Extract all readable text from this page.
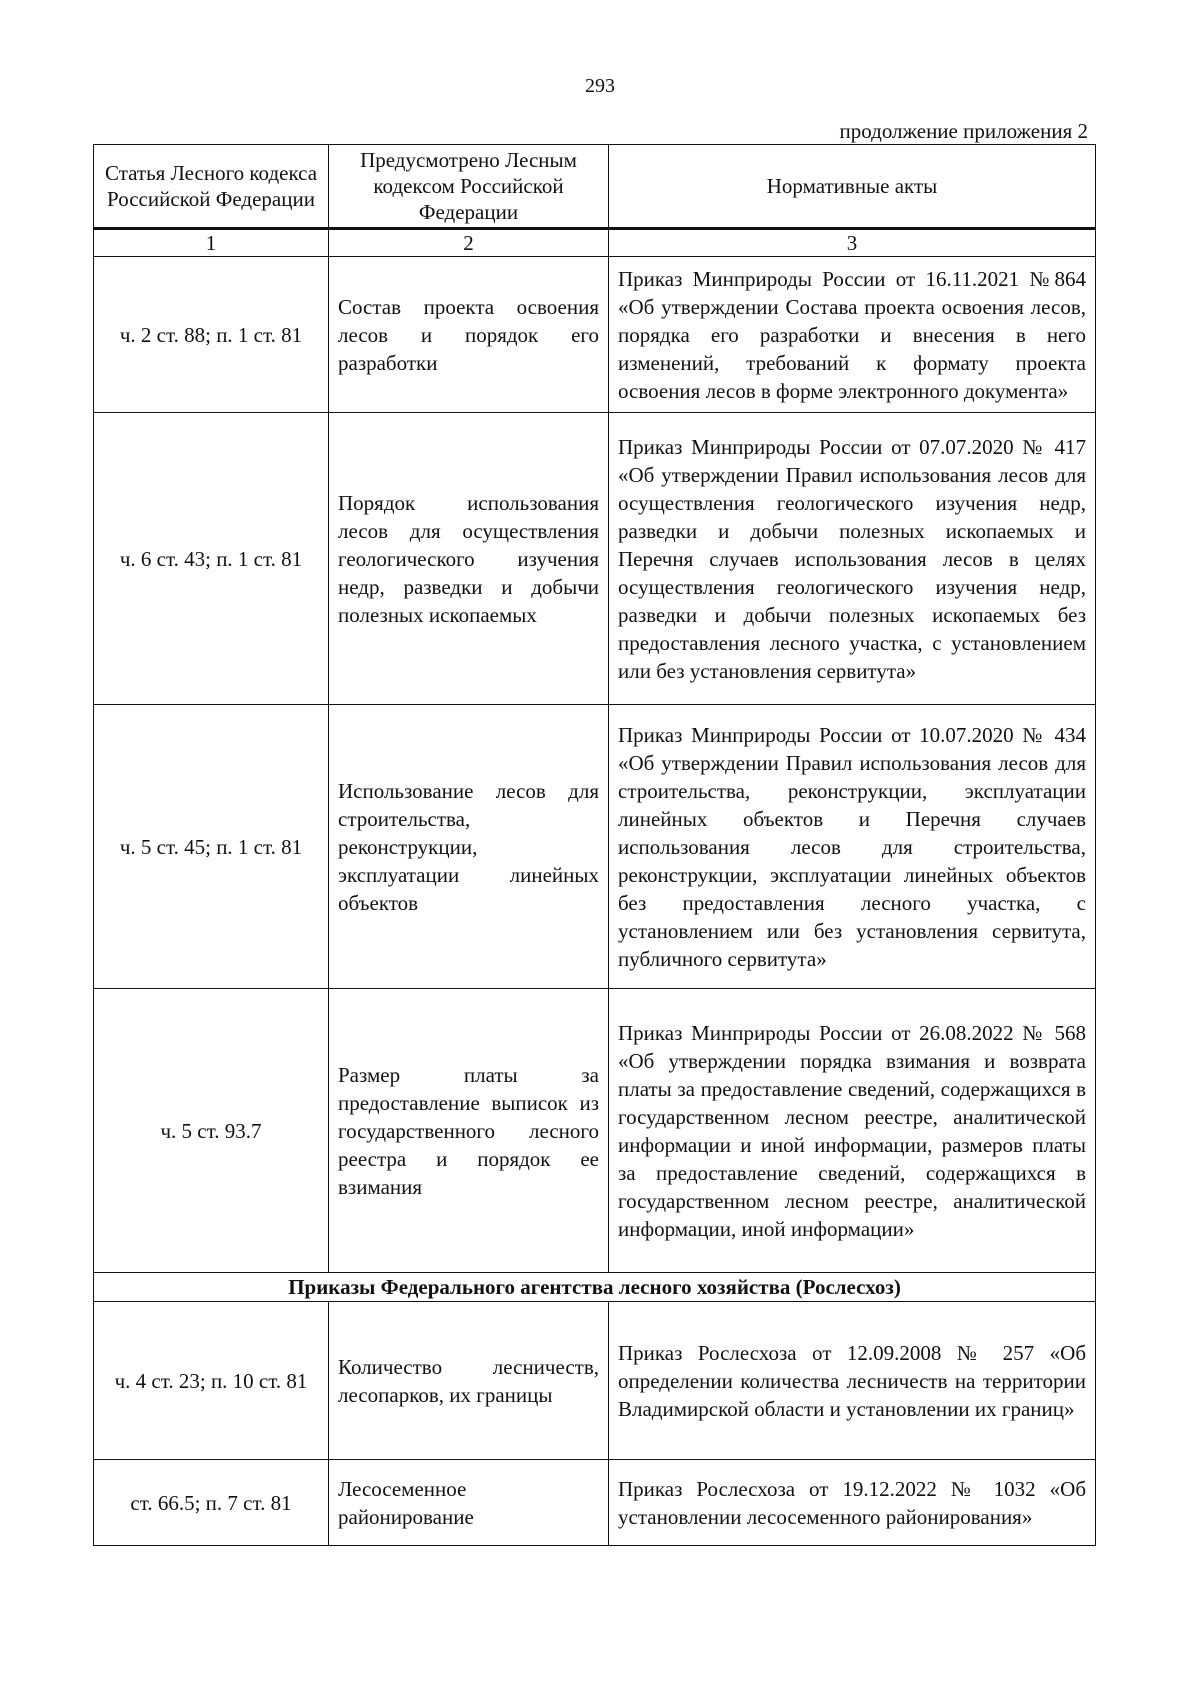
293
продолжение приложения 2
Статья Лесного кодекса Российской Федерации	Предусмотрено Лесным кодексом Российской Федерации	Нормативные акты
1	2	3
ч. 2 ст. 88; п. 1 ст. 81	Состав проекта освоения лесов и порядок его разработки	Приказ Минприроды России от 16.11.2021 №864 «Об утверждении Состава проекта освоения лесов, порядка его разработки и внесения в него изменений, требований к формату проекта освоения лесов в форме электронного документа»
ч. 6 ст. 43; п. 1 ст. 81	Порядок использования лесов для осуществления геологического изучения недр, разведки и добычи полезных ископаемых	Приказ Минприроды России от 07.07.2020 № 417 «Об утверждении Правил использования лесов для осуществления геологического изучения недр, разведки и добычи полезных ископаемых и Перечня случаев использования лесов в целях осуществления геологического изучения недр, разведки и добычи полезных ископаемых без предоставления лесного участка, с установлением или без установления сервитута»
ч. 5 ст. 45; п. 1 ст. 81	Использование лесов для строительства, реконструкции, эксплуатации линейных объектов	Приказ Минприроды России от 10.07.2020 № 434 «Об утверждении Правил использования лесов для строительства, реконструкции, эксплуатации линейных объектов и Перечня случаев использования лесов для строительства, реконструкции, эксплуатации линейных объектов без предоставления лесного участка, с установлением или без установления сервитута, публичного сервитута»
ч. 5 ст. 93.7	Размер платы за предоставление выписок из государственного лесного реестра и порядок ее взимания	Приказ Минприроды России от 26.08.2022 № 568 «Об утверждении порядка взимания и возврата платы за предоставление сведений, содержащихся в государственном лесном реестре, аналитической информации и иной информации, размеров платы за предоставление сведений, содержащихся в государственном лесном реестре, аналитической информации, иной информации»
Приказы Федерального агентства лесного хозяйства (Рослесхоз)		
ч. 4 ст. 23; п. 10 ст. 81	Количество лесничеств, лесопарков, их границы	Приказ Рослесхоза от 12.09.2008 № 257 «Об определении количества лесничеств на территории Владимирской области и установлении их границ»
ст. 66.5; п. 7 ст. 81	Лесосеменное районирование	Приказ Рослесхоза от 19.12.2022 № 1032 «Об установлении лесосеменного районирования»
